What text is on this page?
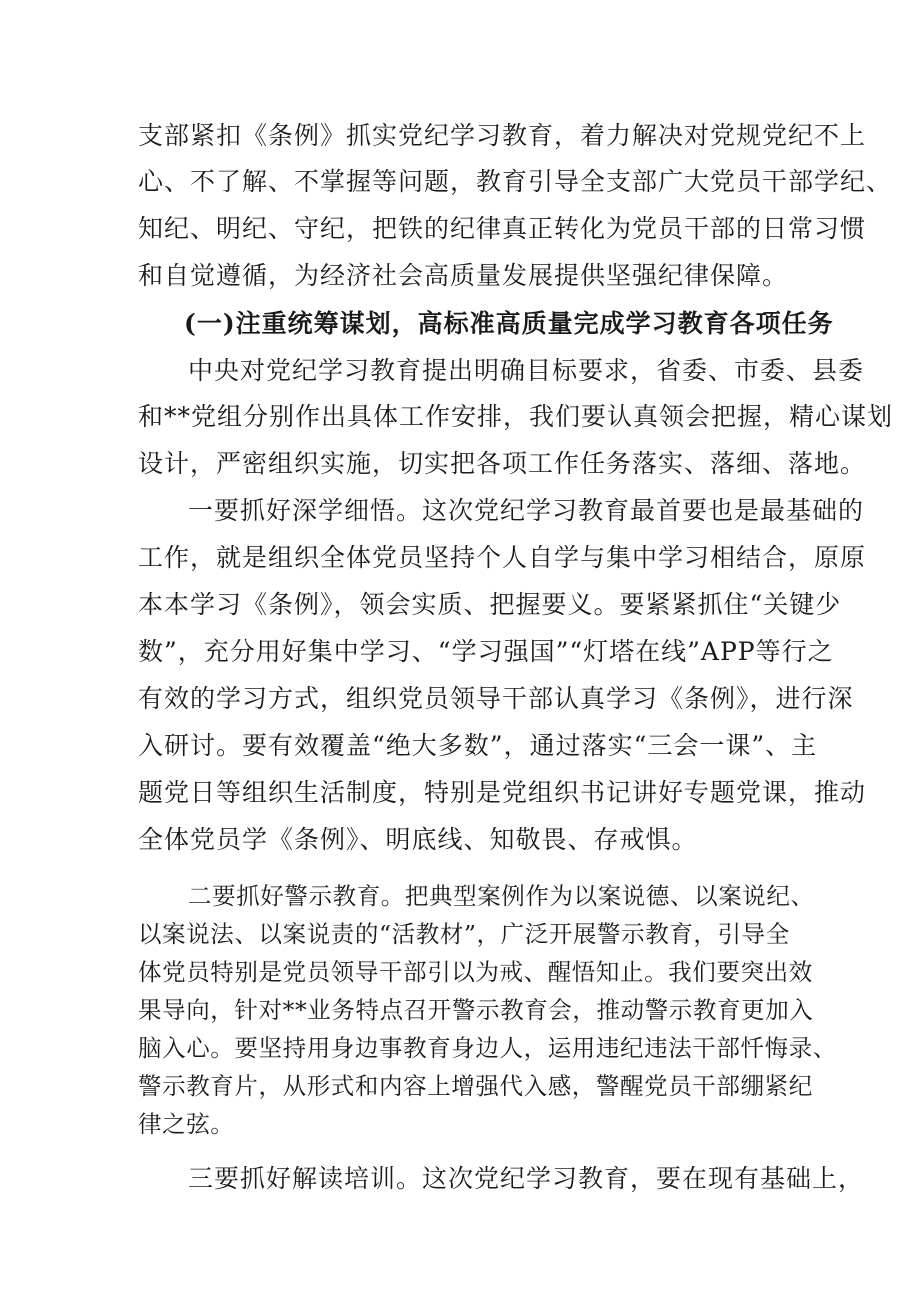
支部紧扣《条例》抓实党纪学习教育，着力解决对党规党纪不上
心、不了解、不掌握等问题，教育引导全支部广大党员干部学纪、
知纪、明纪、守纪，把铁的纪律真正转化为党员干部的日常习惯
和自觉遵循，为经济社会高质量发展提供坚强纪律保障。
(一)注重统筹谋划，高标准高质量完成学习教育各项任务
中央对党纪学习教育提出明确目标要求，省委、市委、县委
和**党组分别作出具体工作安排，我们要认真领会把握，精心谋划
设计，严密组织实施，切实把各项工作任务落实、落细、落地。
一要抓好深学细悟。这次党纪学习教育最首要也是最基础的
工作，就是组织全体党员坚持个人自学与集中学习相结合，原原
本本学习《条例》，领会实质、把握要义。要紧紧抓住“关键少
数”，充分用好集中学习、“学习强国”“灯塔在线”APP等行之
有效的学习方式，组织党员领导干部认真学习《条例》，进行深
入研讨。要有效覆盖“绝大多数”，通过落实“三会一课”、主
题党日等组织生活制度，特别是党组织书记讲好专题党课，推动
全体党员学《条例》、明底线、知敬畏、存戒惧。
二要抓好警示教育。把典型案例作为以案说德、以案说纪、
以案说法、以案说责的“活教材”，广泛开展警示教育，引导全
体党员特别是党员领导干部引以为戒、醒悟知止。我们要突出效
果导向，针对**业务特点召开警示教育会，推动警示教育更加入
脑入心。要坚持用身边事教育身边人，运用违纪违法干部忏悔录、
警示教育片，从形式和内容上增强代入感，警醒党员干部绷紧纪
律之弦。
三要抓好解读培训。这次党纪学习教育，要在现有基础上，
